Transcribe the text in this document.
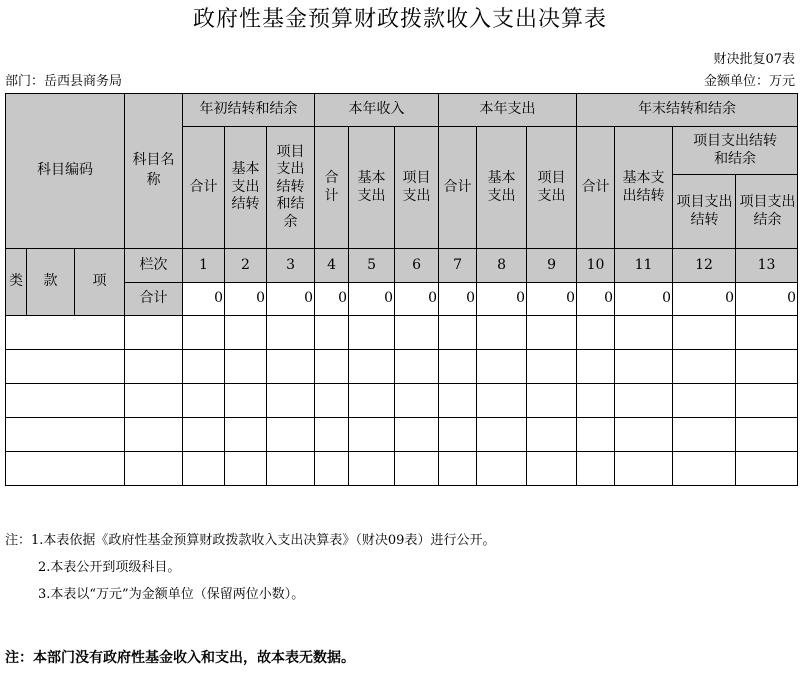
政府性基金预算财政拨款收入支出决算表
财决批复07表
部门：岳西县商务局	金额单位：万元
科目编码			科目名称	年初结转和结余			本年收入			本年支出			年末结转和结余			
				合计	基本支出结转	项目支出结转和结余	合计	基本支出	项目支出	合计	基本支出	项目支出	合计	基本支出结转	项目支出结转和结余	
															项目支出结转	项目支出结余
类	款	项	栏次	1	2	3	4	5	6	7	8	9	10	11	12	13
			合计	0	0	0	0	0	0	0	0	0	0	0	0	0

注：1.本表依据《政府性基金预算财政拨款收入支出决算表》（财决09表）进行公开。
2.本表公开到项级科目。
3.本表以“万元”为金额单位（保留两位小数）。
注：本部门没有政府性基金收入和支出，故本表无数据。
